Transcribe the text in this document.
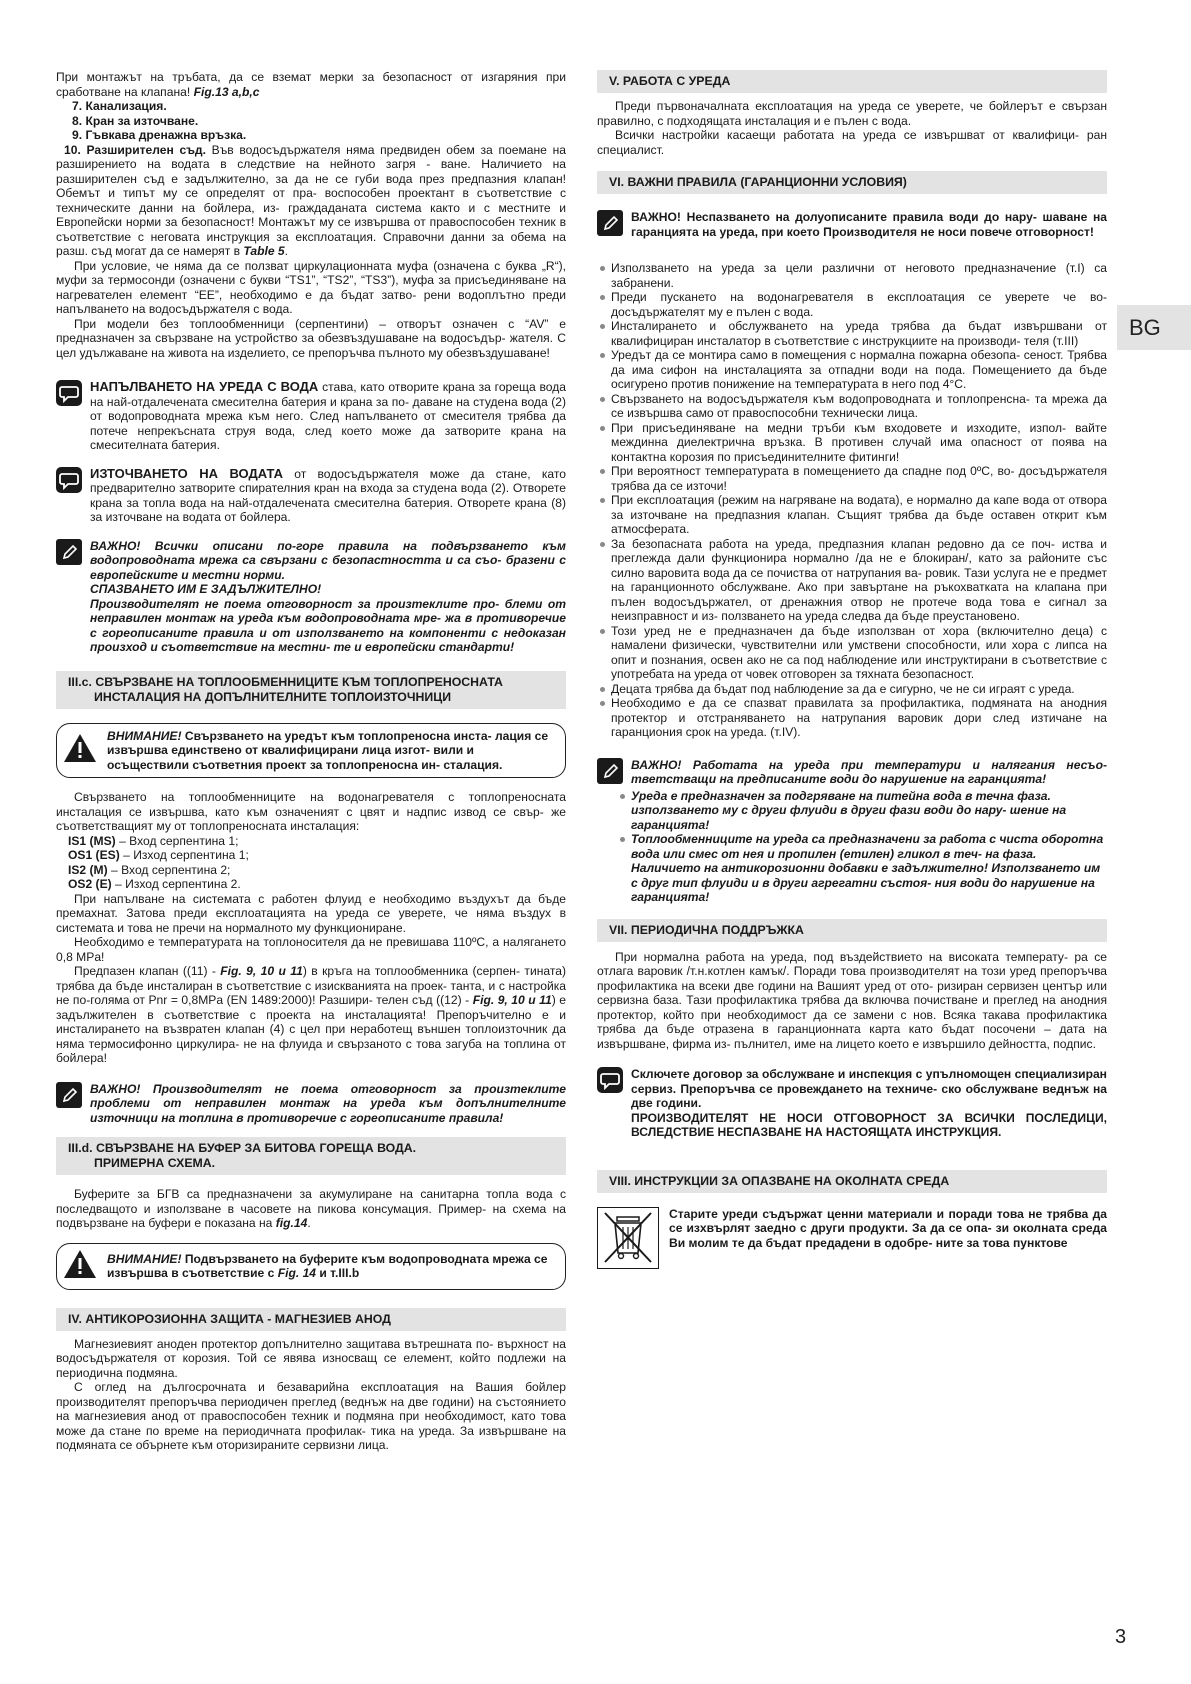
BG
3

При монтажът на тръбата, да се вземат мерки за безопасност от изгаряния при сработване на клапана! Fig.13 a,b,c

7. Канализация.

8. Кран за източване.

9. Гъвкава дренажна връзка.

10. Разширителен съд. Във водосъдържателя няма предвиден обем за поемане на разширението на водата в следствие на нейното загря - ване. Наличието на разширителен съд е задължително, за да не се губи вода през предпазния клапан! Обемът и типът му се определят от пра- воспособен проектант в съответствие с техническите данни на бойлера, из- граждаданата система както и с местните и Европейски норми за безопасност! Монтажът му се извършва от правоспособен техник в съответствие с неговата инструкция за експлоатация. Справочни данни за обема на разш. съд могат да се намерят в Table 5.

При условие, че няма да се ползват циркулационната муфа (означена с буква „R“), муфи за термосонди (означени с букви “TS1”, “TS2”, “TS3”), муфа за присъединяване на нагревателен елемент “EE”, необходимо е да бъдат затво- рени водоплътно преди напълването на водосъдържателя с вода.

При модели без топлообменници (серпентини) – отворът означен с “AV” е предназначен за свързване на устройство за обезвъздушаване на водосъдър- жателя. С цел удължаване на живота на изделието, се препоръчва пълното му обезвъздушаване!

НАПЪЛВАНЕТО НА УРЕДА С ВОДА става, като отворите крана за гореща вода на най-отдалечената смесителна батерия и крана за по- даване на студена вода (2) от водопроводната мрежа към него. След напълването от смесителя трябва да потече непрекъсната струя вода, след което може да затворите крана на смесителната батерия.

ИЗТОЧВАНЕТО НА ВОДАТА от водосъдържателя може да стане, като предварително затворите спирателния кран на входа за студена вода (2). Отворете крана за топла вода на най-отдалечената смесителна батерия. Отворете крана (8) за източване на водата от бойлера.

ВАЖНО! Всички описани по-горе правила на подвързването към водопроводната мрежа са свързани с безопастността и са съо- бразени с европейските и местни норми.

СПАЗВАНЕТО ИМ Е ЗАДЪЛЖИТЕЛНО!

Производителят не поема отговорност за произтеклите про- блеми от неправилен монтаж на уреда към водопроводната мре- жа в противоречие с гореописаните правила и от използването на компоненти с недоказан произход и съответствие на местни- те и европейски стандарти!

III.c. СВЪРЗВАНЕ НА ТОПЛООБМЕННИЦИТЕ КЪМ ТОПЛОПРЕНОСНАТА
ИНСТАЛАЦИЯ НА ДОПЪЛНИТЕЛНИТЕ ТОПЛОИЗТОЧНИЦИ
ВНИМАНИЕ! Свързването на уредът към топлопреносна инста- лация се извършва единствено от квалифицирани лица изгот- вили и осъществили съответния проект за топлопреносна ин- сталация.

Свързването на топлообменниците на водонагревателя с топлопреносната инсталация се извършва, като към означеният с цвят и надпис извод се свър- же съответстващият му от топлопреносната инсталация:

IS1 (MS) – Вход серпентина 1;

OS1 (ES) – Изход серпентина 1;

IS2 (M) – Вход серпентина 2;

OS2 (E) – Изход серпентина 2.

При напълване на системата с работен флуид е необходимо въздухът да бъде премахнат. Затова преди експлоатацията на уреда се уверете, че няма въздух в системата и това не пречи на нормалното му функциониране.

Необходимо е температурата на топлоносителя да не превишава 110ºC, а налягането 0,8 MPa!

Предпазен клапан ((11) - Fig. 9, 10 и 11) в кръга на топлообменника (серпен- тината) трябва да бъде инсталиран в съответствие с изискванията на проек- танта, и с настройка не по-голяма от Pnr = 0,8MPa (EN 1489:2000)! Разшири- телен съд ((12) - Fig. 9, 10 и 11) е задължителен в съответствие с проекта на инсталацията! Препоръчително е и инсталирането на възвратен клапан (4) с цел при неработещ външен топлоизточник да няма термосифонно циркулира- не на флуида и свързаното с това загуба на топлина от бойлера!

ВАЖНО! Производителят не поема отговорност за произтеклите проблеми от неправилен монтаж на уреда към допълнителните източници на топлина в противоречие с гореописаните правила!

III.d. СВЪРЗВАНЕ НА БУФЕР ЗА БИТОВА ГОРЕЩА ВОДА.
ПРИМЕРНА СХЕМА.

Буферите за БГВ са предназначени за акумулиране на санитарна топла вода с последващото и използване в часовете на пикова консумация. Пример- на схема на подвързване на буфери е показана на fig.14.

ВНИМАНИЕ! Подвързването на буферите към водопроводната мрежа се извършва в съответствие с Fig. 14 и т.III.b
IV. АНТИКОРОЗИОННА ЗАЩИТА - МАГНЕЗИЕВ АНОД

Магнезиевият аноден протектор допълнително защитава вътрешната по- върхност на водосъдържателя от корозия. Той се явява износващ се елемент, който подлежи на периодична подмяна.

С оглед на дългосрочната и безаварийна експлоатация на Вашия бойлер производителят препоръчва периодичен преглед (веднъж на две години) на състоянието на магнезиевия анод от правоспособен техник и подмяна при необходимост, като това може да стане по време на периодичната профилак- тика на уреда. За извършване на подмяната се обърнете към оторизираните сервизни лица.

V. РАБОТА С УРЕДА

Преди първоначалната експлоатация на уреда се уверете, че бойлерът е свързан правилно, с подходящата инсталация и е пълен с вода.

Всички настройки касаещи работата на уреда се извършват от квалифици- ран специалист.

VI. ВАЖНИ ПРАВИЛА (ГАРАНЦИОННИ УСЛОВИЯ)

ВАЖНО! Неспазването на долуописаните правила води до нару- шаване на гаранцията на уреда, при което Производителя не носи повече отговорност!

Използването на уреда за цели различни от неговото предназначение (т.I) са забранени.
Преди пускането на водонагревателя в експлоатация се уверете че во- досъдържателят му е пълен с вода.
Инсталирането и обслужването на уреда трябва да бъдат извършвани от квалифициран инсталатор в съответствие с инструкциите на производи- теля (т.III)
Уредът да се монтира само в помещения с нормална пожарна обезопа- сеност. Трябва да има сифон на инсталацията за отпадни води на пода. Помещението да бъде осигурено против понижение на температурата в него под 4°C.
Свързването на водосъдържателя към водопроводната и топлопренсна- та мрежа да се извършва само от правоспособни технически лица.
При присъединяване на медни тръби към входовете и изходите, изпол- вайте междинна диелектрична връзка. В противен случай има опасност от поява на контактна корозия по присъединителните фитинги!
При вероятност температурата в помещението да спадне под 0ºC, во- досъдържателя трябва да се източи!
При експлоатация (режим на нагряване на водата), е нормално да капе вода от отвора за източване на предпазния клапан. Същият трябва да бъде оставен открит към атмосферата.
За безопасната работа на уреда, предпазния клапан редовно да се поч- иства и преглежда дали функционира нормално /да не е блокиран/, като за районите със силно варовита вода да се почиства от натрупания ва- ровик. Тази услуга не е предмет на гаранционното обслужване. Ако при завъртане на ръкохватката на клапана при пълен водосъдържател, от дренажния отвор не протече вода това е сигнал за неизправност и из- ползването на уреда следва да бъде преустановено.
Този уред не е предназначен да бъде използван от хора (включително деца) с намалени физически, чувствителни или умствени способности, или хора с липса на опит и познания, освен ако не са под наблюдение или инструктирани в съответствие с употребата на уреда от човек отговорен за тяхната безопасност.
Децата трябва да бъдат под наблюдение за да е сигурно, че не си играят с уреда.
Необходимо е да се спазват правилата за профилактика, подмяната на анодния протектор и отстраняването на натрупания варовик дори след изтичане на гаранциония срок на уреда. (т.IV).

ВАЖНО! Работата на уреда при температури и налягания несъо- тветстващи на предписаните води до нарушение на гаранцията!

Уреда е предназначен за подгряване на питейна вода в течна фаза. използването му с други флуиди в други фази води до нару- шение на гаранцията!
Топлообменниците на уреда са предназначени за работа с чиста оборотна вода или смес от нея и пропилен (етилен) гликол в теч- на фаза. Наличието на антикорозионни добавки е задължително! Използването им с друг тип флуиди и в други агрегатни състоя- ния води до нарушение на гаранцията!
VII. ПЕРИОДИЧНА ПОДДРЪЖКА

При нормална работа на уреда, под въздействието на високата температу- ра се отлага варовик /т.н.котлен камък/. Поради това производителят на този уред препоръчва профилактика на всеки две години на Вашият уред от ото- ризиран сервизен център или сервизна база. Тази профилактика трябва да включва почистване и преглед на анодния протектор, който при необходимост да се замени с нов. Всяка такава профилактика трябва да бъде отразена в гаранционната карта като бъдат посочени – дата на извършване, фирма из- пълнител, име на лицето което е извършило дейността, подпис.

Сключете договор за обслужване и инспекция с упълномощен специализиран сервиз. Препоръчва се провеждането на техниче- ско обслужване веднъж на две години.

ПРОИЗВОДИТЕЛЯТ НЕ НОСИ ОТГОВОРНОСТ ЗА ВСИЧКИ ПОСЛЕДИЦИ, ВСЛЕДСТВИЕ НЕСПАЗВАНЕ НА НАСТОЯЩАТА ИНСТРУКЦИЯ.

VIII. ИНСТРУКЦИИ ЗА ОПАЗВАНЕ НА ОКОЛНАТА СРЕДА

Старите уреди съдържат ценни материали и поради това не трябва да се изхвърлят заедно с други продукти. За да се опа- зи околната среда Ви молим те да бъдат предадени в одобре- ните за това пунктове
